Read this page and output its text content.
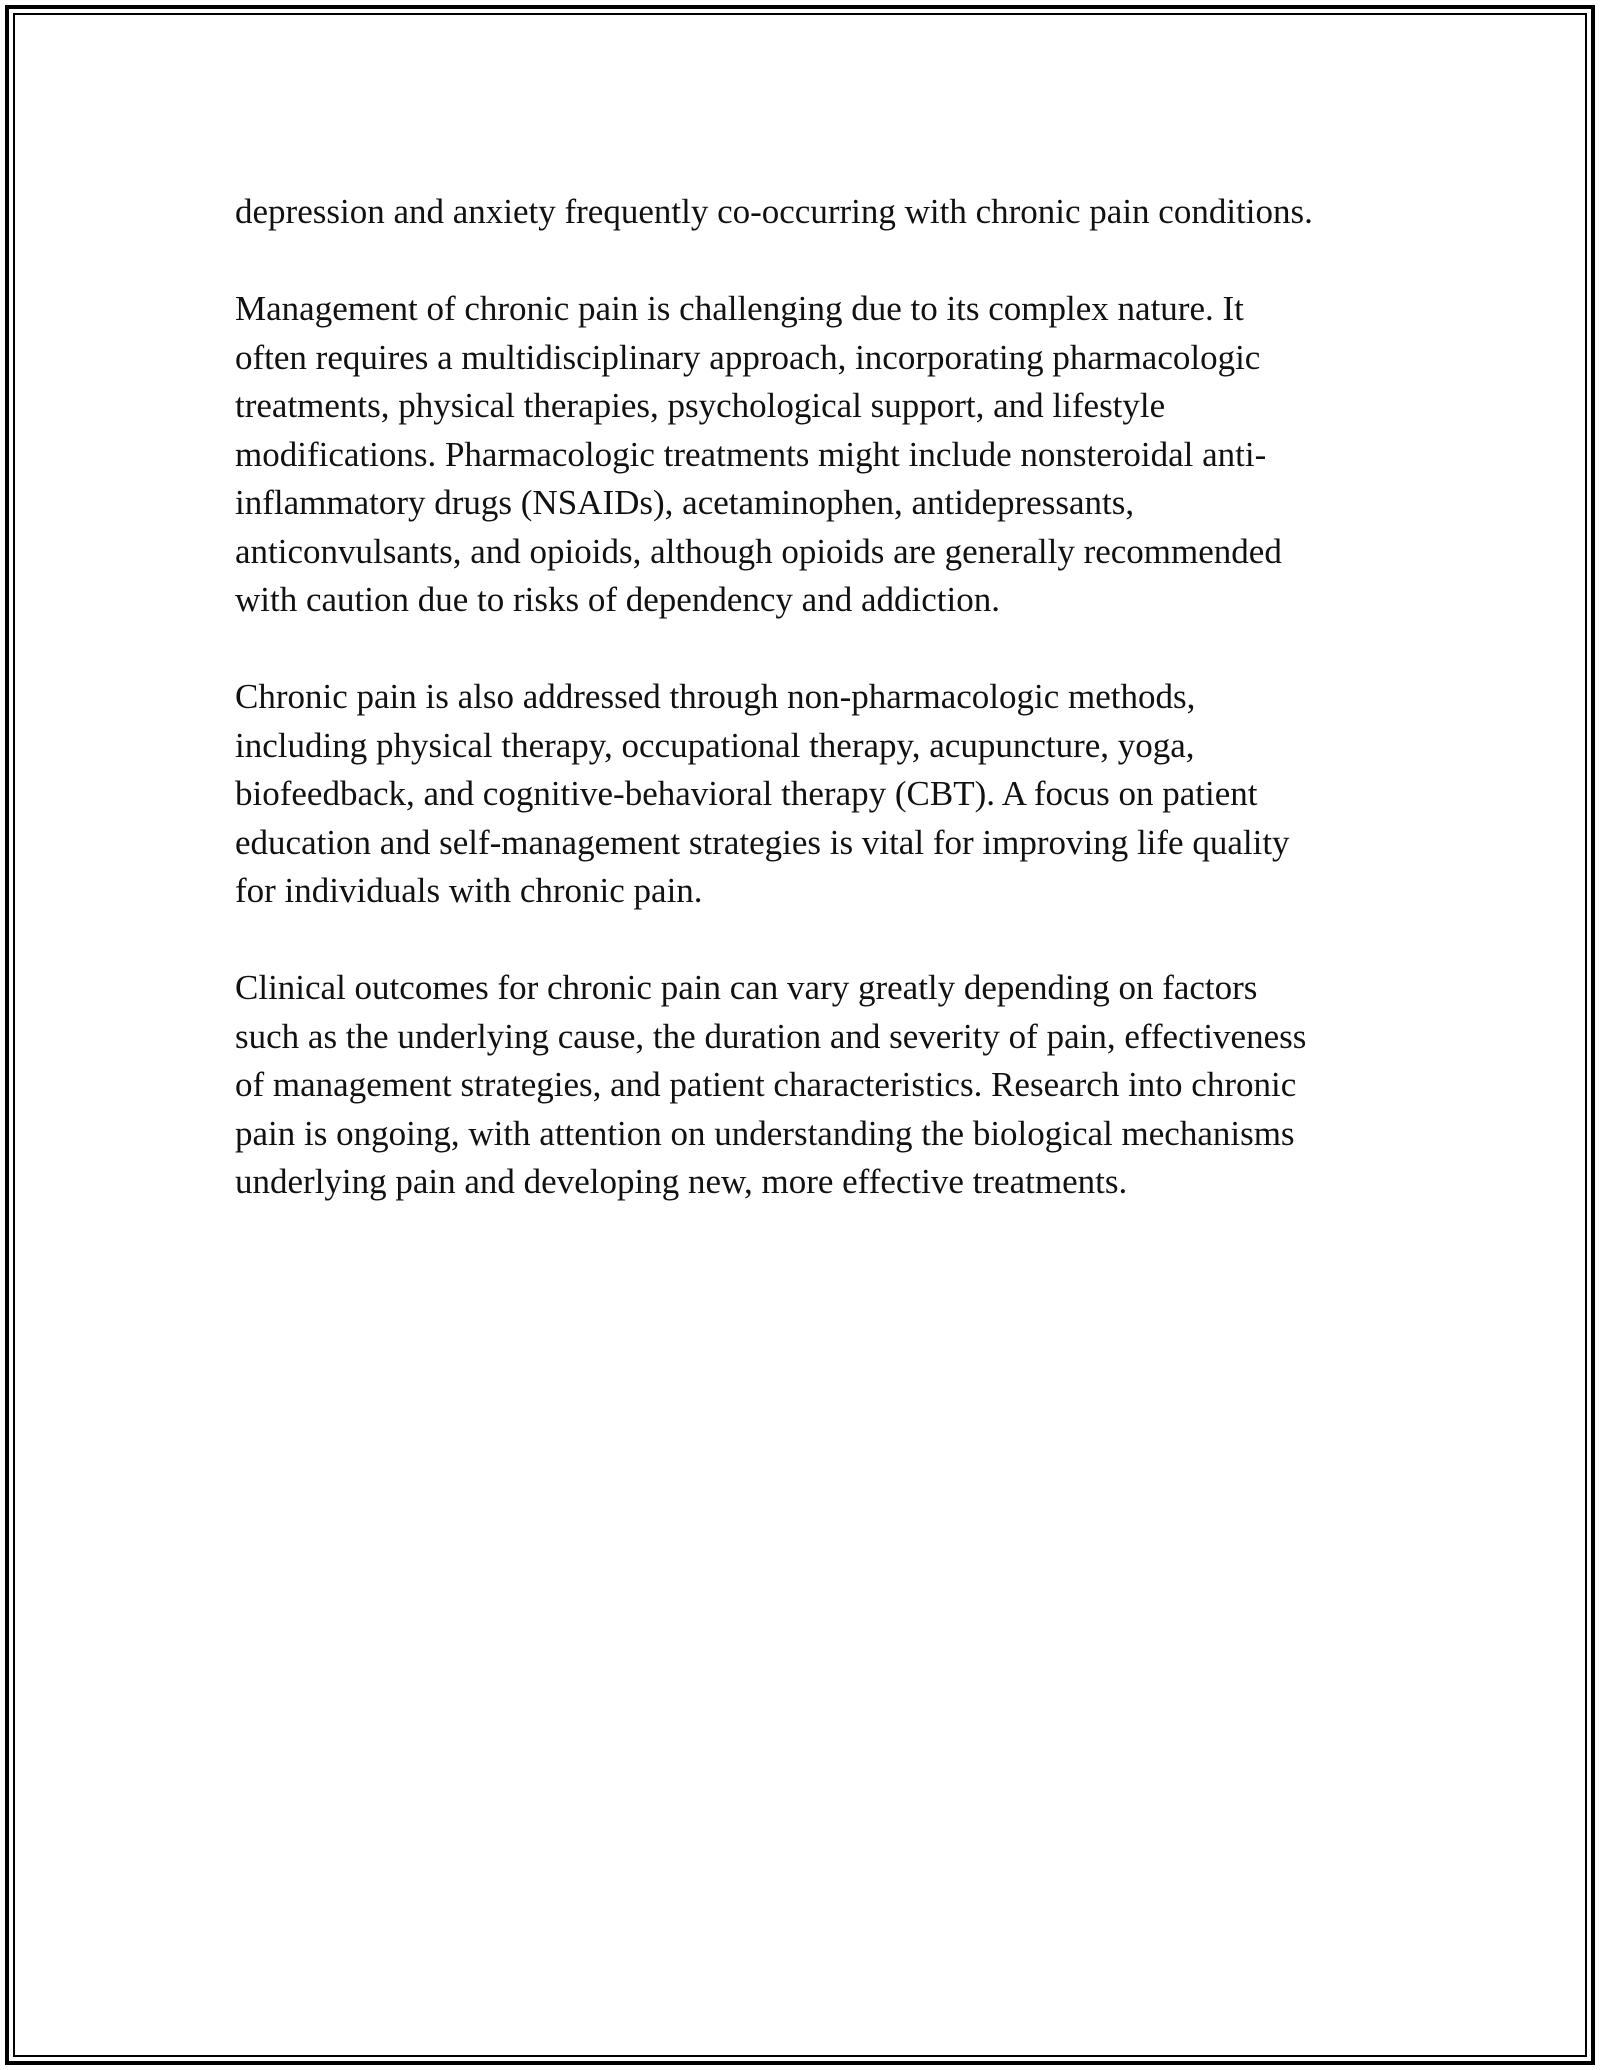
depression and anxiety frequently co-occurring with chronic pain conditions.

Management of chronic pain is challenging due to its complex nature. It
often requires a multidisciplinary approach, incorporating pharmacologic
treatments, physical therapies, psychological support, and lifestyle
modifications. Pharmacologic treatments might include nonsteroidal anti-
inflammatory drugs (NSAIDs), acetaminophen, antidepressants,
anticonvulsants, and opioids, although opioids are generally recommended
with caution due to risks of dependency and addiction.

Chronic pain is also addressed through non-pharmacologic methods,
including physical therapy, occupational therapy, acupuncture, yoga,
biofeedback, and cognitive-behavioral therapy (CBT). A focus on patient
education and self-management strategies is vital for improving life quality
for individuals with chronic pain.

Clinical outcomes for chronic pain can vary greatly depending on factors
such as the underlying cause, the duration and severity of pain, effectiveness
of management strategies, and patient characteristics. Research into chronic
pain is ongoing, with attention on understanding the biological mechanisms
underlying pain and developing new, more effective treatments.
